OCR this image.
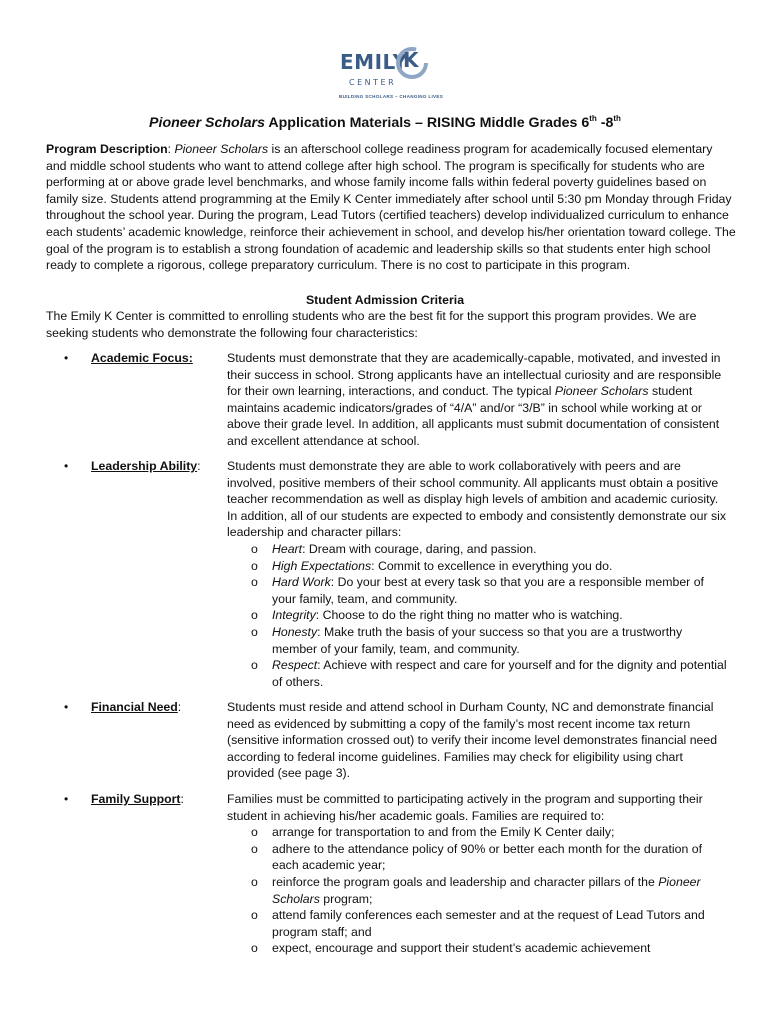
EMILY
K
CENTER
BUILDING SCHOLARS – CHANGING LIVES
Pioneer Scholars Application Materials – RISING Middle Grades 6th -8th

Program Description: Pioneer Scholars is an afterschool college readiness program for academically focused elementary and middle school students who want to attend college after high school. The program is specifically for students who are performing at or above grade level benchmarks, and whose family income falls within federal poverty guidelines based on family size. Students attend programming at the Emily K Center immediately after school until 5:30 pm Monday through Friday throughout the school year. During the program, Lead Tutors (certified teachers) develop individualized curriculum to enhance each students’ academic knowledge, reinforce their achievement in school, and develop his/her orientation toward college. The goal of the program is to establish a strong foundation of academic and leadership skills so that students enter high school ready to complete a rigorous, college preparatory curriculum. There is no cost to participate in this program.

Student Admission Criteria

The Emily K Center is committed to enrolling students who are the best fit for the support this program provides. We are seeking students who demonstrate the following four characteristics:

• Academic Focus:	Students must demonstrate that they are academically-capable, motivated, and invested in their success in school. Strong applicants have an intellectual curiosity and are responsible for their own learning, interactions, and conduct. The typical Pioneer Scholars student maintains academic indicators/grades of “4/A” and/or “3/B” in school while working at or above their grade level. In addition, all applicants must submit documentation of consistent and excellent attendance at school.

• Leadership Ability: Students must demonstrate they are able to work collaboratively with peers and are involved, positive members of their school community. All applicants must obtain a positive teacher recommendation as well as display high levels of ambition and academic curiosity. In addition, all of our students are expected to embody and consistently demonstrate our six leadership and character pillars:

o Heart: Dream with courage, daring, and passion.
o High Expectations: Commit to excellence in everything you do.
o Hard Work: Do your best at every task so that you are a responsible member of your family, team, and community.
o Integrity: Choose to do the right thing no matter who is watching.
o Honesty: Make truth the basis of your success so that you are a trustworthy member of your family, team, and community.
o Respect: Achieve with respect and care for yourself and for the dignity and potential of others.
• Financial Need:	Students must reside and attend school in Durham County, NC and demonstrate financial need as evidenced by submitting a copy of the family’s most recent income tax return (sensitive information crossed out) to verify their income level demonstrates financial need according to federal income guidelines. Families may check for eligibility using chart provided (see page 3).

• Family Support:	Families must be committed to participating actively in the program and supporting their student in achieving his/her academic goals. Families are required to:

o arrange for transportation to and from the Emily K Center daily;
o adhere to the attendance policy of 90% or better each month for the duration of each academic year;
o reinforce the program goals and leadership and character pillars of the Pioneer Scholars program;
o attend family conferences each semester and at the request of Lead Tutors and program staff; and
o expect, encourage and support their student’s academic achievement
